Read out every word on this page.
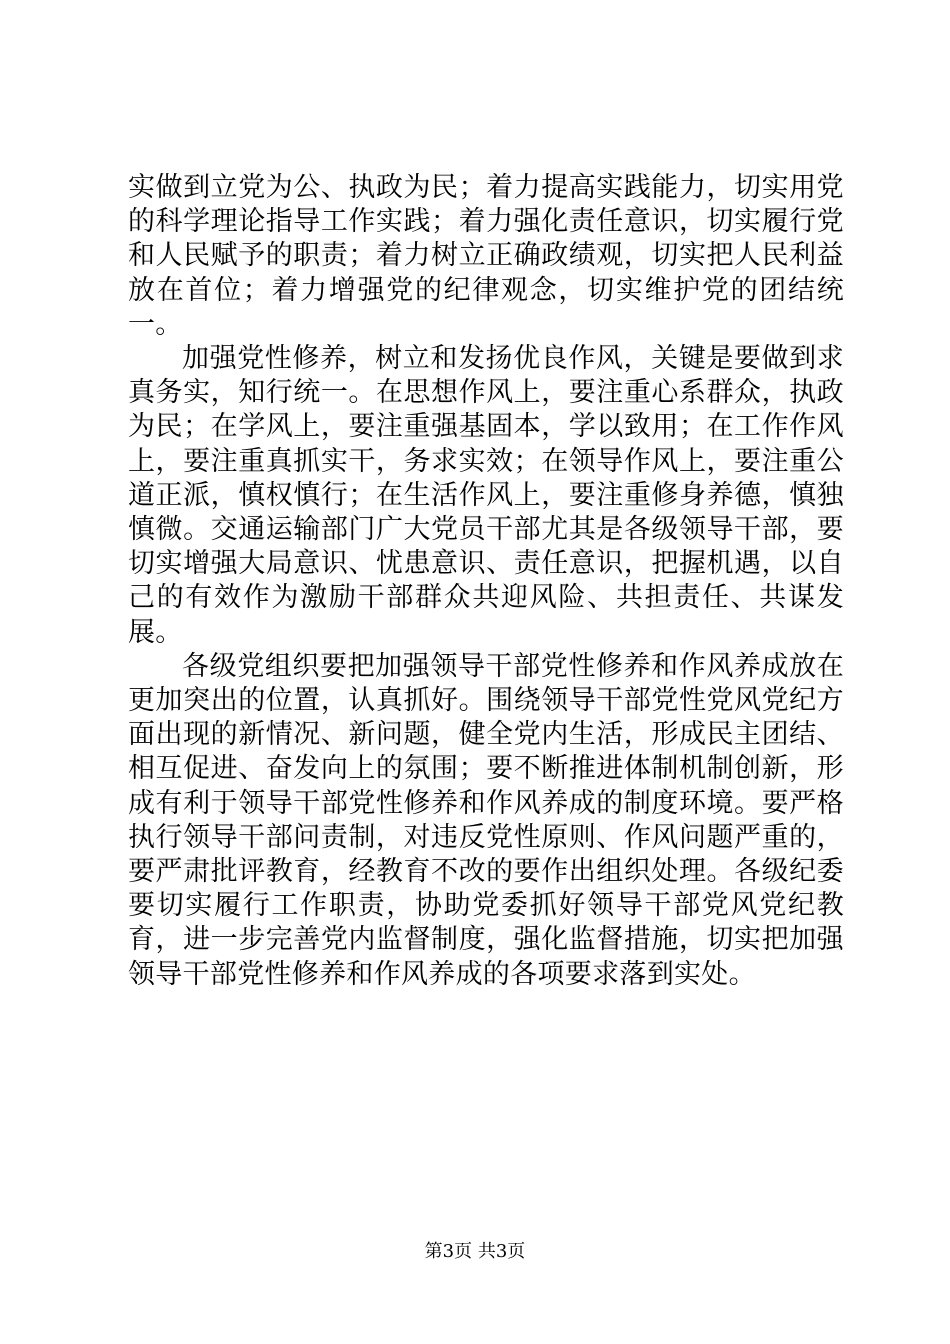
实做到立党为公、执政为民；着力提高实践能力，切实用党的科学理论指导工作实践；着力强化责任意识，切实履行党和人民赋予的职责；着力树立正确政绩观，切实把人民利益放在首位；着力增强党的纪律观念，切实维护党的团结统一。

加强党性修养，树立和发扬优良作风，关键是要做到求真务实，知行统一。在思想作风上，要注重心系群众，执政为民；在学风上，要注重强基固本，学以致用；在工作作风上，要注重真抓实干，务求实效；在领导作风上，要注重公道正派，慎权慎行；在生活作风上，要注重修身养德，慎独慎微。交通运输部门广大党员干部尤其是各级领导干部，要切实增强大局意识、忧患意识、责任意识，把握机遇，以自己的有效作为激励干部群众共迎风险、共担责任、共谋发展。

各级党组织要把加强领导干部党性修养和作风养成放在更加突出的位置，认真抓好。围绕领导干部党性党风党纪方面出现的新情况、新问题，健全党内生活，形成民主团结、相互促进、奋发向上的氛围；要不断推进体制机制创新，形成有利于领导干部党性修养和作风养成的制度环境。要严格执行领导干部问责制，对违反党性原则、作风问题严重的，要严肃批评教育，经教育不改的要作出组织处理。各级纪委要切实履行工作职责，协助党委抓好领导干部党风党纪教育，进一步完善党内监督制度，强化监督措施，切实把加强领导干部党性修养和作风养成的各项要求落到实处。

第3页 共3页
